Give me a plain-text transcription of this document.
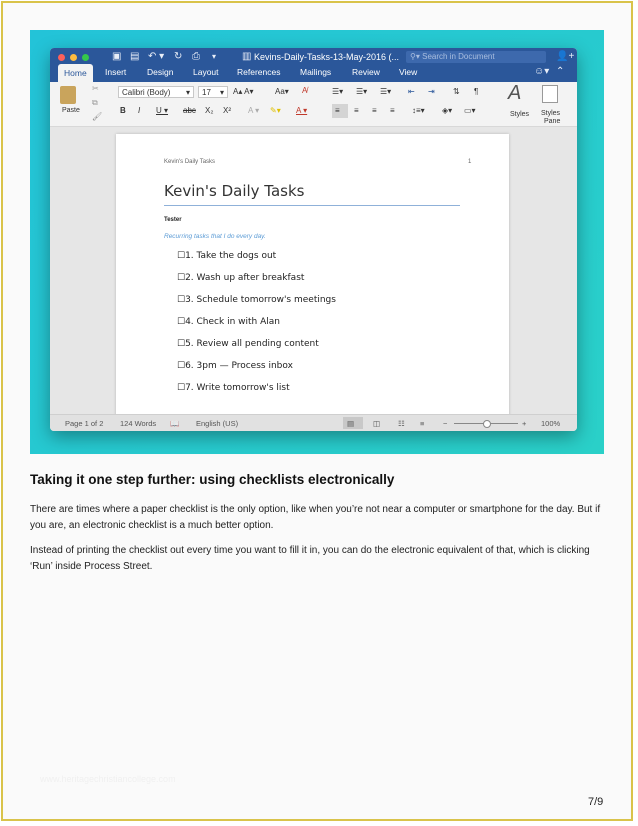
▣ ▤ ↶ ▾ ↻ ⎙ ▾	▥ Kevins-Daily-Tasks-13-May-2016 (...	⚲▾ Search in Document	👤+
Home	Insert Design Layout References Mailings Review View	☺▾ ⌃
Paste
✂
⧉
🖌
Calibri (Body) ▾	17 ▾ A▴ A▾	Aa▾ A̸
B I U ▾ abc X₂ X² A ▾ ✎▾ A ▾
☰▾ ☰▾ ☰▾ ⇤ ⇥ ⇅ ¶
≡ ≡ ≡ ≡ ↕≡▾ ◈▾ ▭▾
A
Styles Styles
Pane
Kevin's Daily Tasks	1
Kevin's Daily Tasks
Tester
Recurring tasks that I do every day.
☐1. Take the dogs out
☐2. Wash up after breakfast
☐3. Schedule tomorrow's meetings
☐4. Check in with Alan
☐5. Review all pending content
☐6. 3pm — Process inbox
☐7. Write tomorrow's list
Page 1 of 2 124 Words 📖 English (US)	▤	◫ ☷ ≡ −	+ 100%
Taking it one step further: using checklists electronically
There are times where a paper checklist is the only option, like when you’re not near a computer or smartphone for the day. But if you are, an electronic checklist is a much better option.
Instead of printing the checklist out every time you want to fill it in, you can do the electronic equivalent of that, which is clicking ‘Run’ inside Process Street.
www.heritagechristiancollege.com
7/9
